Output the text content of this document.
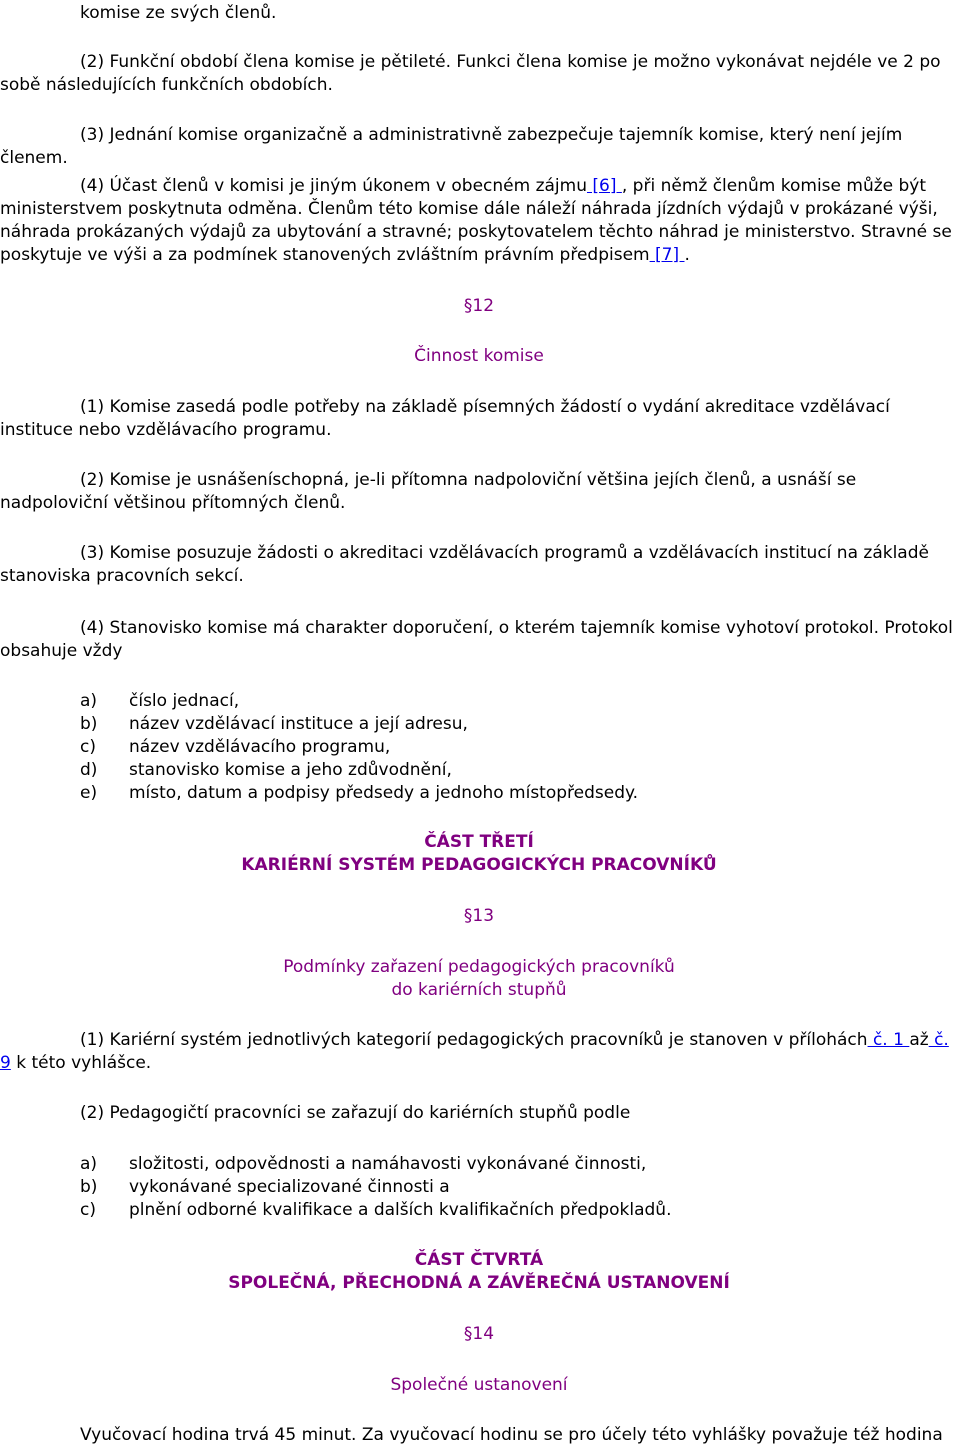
komise ze svých členů.

(2) Funkční období člena komise je pětileté. Funkci člena komise je možno vykonávat nejdéle ve 2 po sobě následujících funkčních obdobích.

(3) Jednání komise organizačně a administrativně zabezpečuje tajemník komise, který není jejím členem.

(4) Účast členů v komisi je jiným úkonem v obecném zájmu [6] , při němž členům komise může být ministerstvem poskytnuta odměna. Členům této komise dále náleží náhrada jízdních výdajů v prokázané výši, náhrada prokázaných výdajů za ubytování a stravné; poskytovatelem těchto náhrad je ministerstvo. Stravné se poskytuje ve výši a za podmínek stanovených zvláštním právním předpisem [7] .

§12
Činnost komise

(1) Komise zasedá podle potřeby na základě písemných žádostí o vydání akreditace vzdělávací instituce nebo vzdělávacího programu.

(2) Komise je usnášeníschopná, je-li přítomna nadpoloviční většina jejích členů, a usnáší se nadpoloviční většinou přítomných členů.

(3) Komise posuzuje žádosti o akreditaci vzdělávacích programů a vzdělávacích institucí na základě stanoviska pracovních sekcí.

(4) Stanovisko komise má charakter doporučení, o kterém tajemník komise vyhotoví protokol. Protokol obsahuje vždy

a)	číslo jednací,
b)	název vzdělávací instituce a její adresu,
c)	název vzdělávacího programu,
d)	stanovisko komise a jeho zdůvodnění,
e)	místo, datum a podpisy předsedy a jednoho místopředsedy.
ČÁST TŘETÍ
KARIÉRNÍ SYSTÉM PEDAGOGICKÝCH PRACOVNÍKŮ
§13
Podmínky zařazení pedagogických pracovníků
do kariérních stupňů

(1) Kariérní systém jednotlivých kategorií pedagogických pracovníků je stanoven v přílohách č. 1 až č. 9 k této vyhlášce.

(2) Pedagogičtí pracovníci se zařazují do kariérních stupňů podle

a)	složitosti, odpovědnosti a namáhavosti vykonávané činnosti,
b)	vykonávané specializované činnosti a
c)	plnění odborné kvalifikace a dalších kvalifikačních předpokladů.
ČÁST ČTVRTÁ
SPOLEČNÁ, PŘECHODNÁ A ZÁVĚREČNÁ USTANOVENÍ
§14
Společné ustanovení

Vyučovací hodina trvá 45 minut. Za vyučovací hodinu se pro účely této vyhlášky považuje též hodina
